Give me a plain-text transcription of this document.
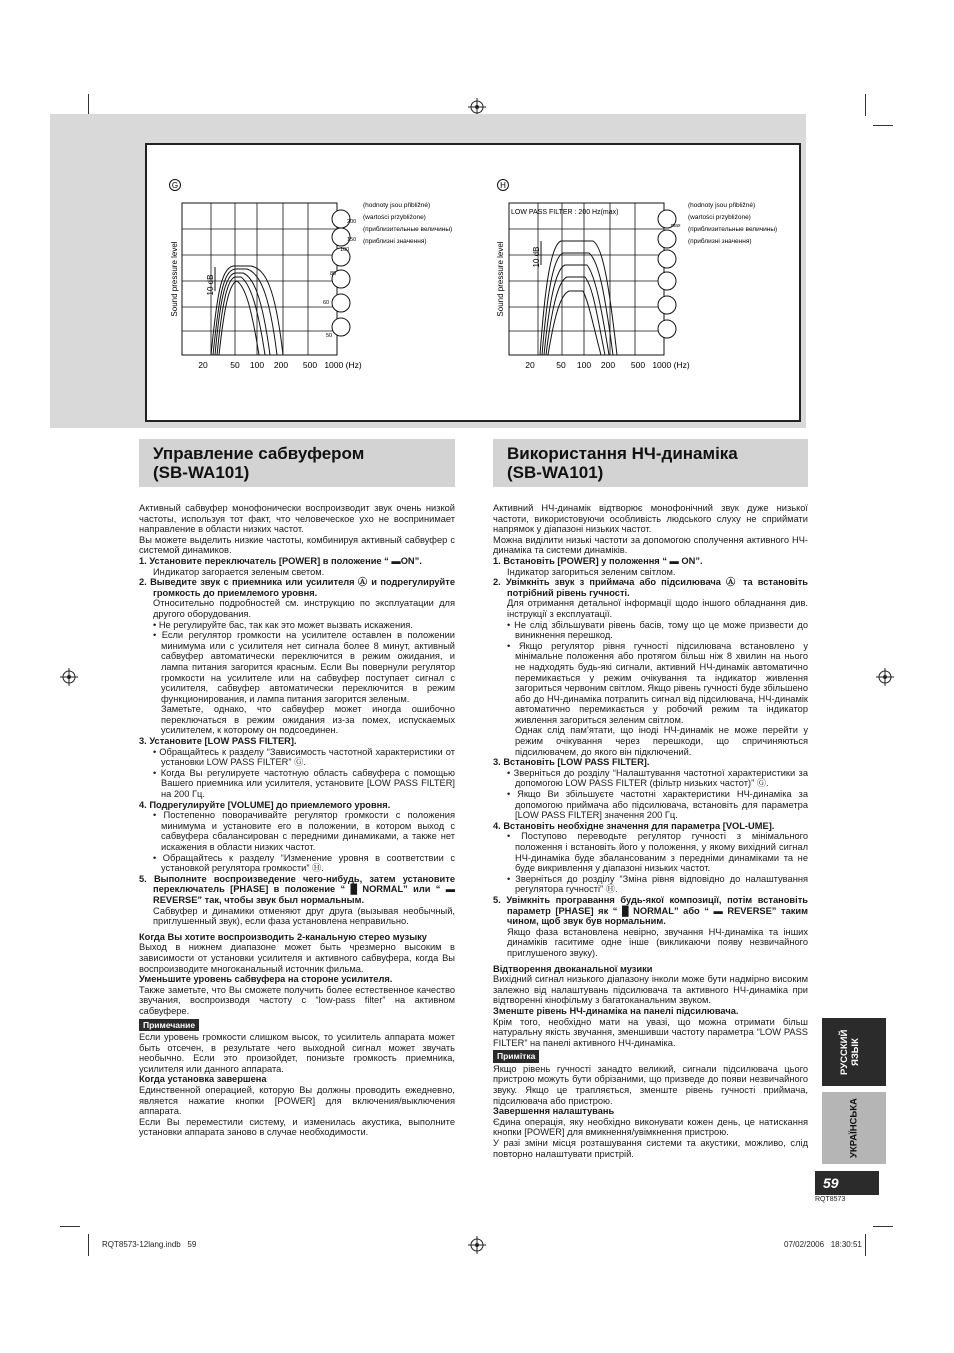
G
10 dB
Sound pressure level
20	50 100 200 500 1000 (Hz)
200
150
100
80
60
50
(hodnoty jsou přibližné)
(wartości przybliżone)
(приблизительные величины)
(приблизні значення)
H
LOW PASS FILTER : 200 Hz(max)
10 dB
Sound pressure level
20	50 100 200 500 1000 (Hz)
max
(hodnoty jsou přibližné)
(wartości przybliżone)
(приблизительные величины)
(приблизні значення)
Управление сабвуфером
(SB-WA101)
Використання НЧ-динаміка
(SB-WA101)

Активный сабвуфер монофонически воспроизводит звук очень низкой частоты, используя тот факт, что человеческое ухо не воспринимает направление в области низких частот.

Вы можете выделить низкие частоты, комбинируя активный сабвуфер с системой динамиков.

1. Установите переключатель [POWER] в положение “ ▬ON”.

Индикатор загорается зеленым светом.

2. Выведите звук с приемника или усилителя Ⓐ и подрегулируйте громкость до приемлемого уровня.

Относительно подробностей см. инструкцию по эксплуатации для другого оборудования.

• Не регулируйте бас, так как это может вызвать искажения.

• Если регулятор громкости на усилителе оставлен в положении минимума или с усилителя нет сигнала более 8 минут, активный сабвуфер автоматически переключится в режим ожидания, и лампа питания загорится красным. Если Вы повернули регулятор громкости на усилителе или на сабвуфер поступает сигнал с усилителя, сабвуфер автоматически переключится в режим функционирования, и лампа питания загорится зеленым.

Заметьте, однако, что сабвуфер может иногда ошибочно переключаться в режим ожидания из-за помех, испускаемых усилителем, к которому он подсоединен.

3. Установите [LOW PASS FILTER].

• Обращайтесь к разделу “Зависимость частотной характеристики от установки LOW PASS FILTER” Ⓖ.

• Когда Вы регулируете частотную область сабвуфера с помощью Вашего приемника или усилителя, установите [LOW PASS FILTER] на 200 Гц.

4. Подрегулируйте [VOLUME] до приемлемого уровня.

• Постепенно поворачивайте регулятор громкости с положения минимума и установите его в положении, в котором выход с сабвуфера сбалансирован с передними динамиками, а также нет искажения в области низких частот.

• Обращайтесь к разделу “Изменение уровня в соответствии с установкой регулятора громкости” Ⓗ.

5. Выполните воспроизведение чего-нибудь, затем установите переключатель [PHASE] в положение “ █ NORMAL” или “ ▬ REVERSE” так, чтобы звук был нормальным.

Сабвуфер и динамики отменяют друг друга (вызывая необычный, приглушенный звук), если фаза установлена неправильно.

Когда Вы хотите воспроизводить 2-канальную стерео музыку

Выход в нижнем диапазоне может быть чрезмерно высоким в зависимости от установки усилителя и активного сабвуфера, когда Вы воспроизводите многоканальный источник фильма.

Уменьшите уровень сабвуфера на стороне усилителя.

Также заметьте, что Вы сможете получить более естественное качество звучания, воспроизводя частоту с “low-pass filter” на активном сабвуфере.

Примечание

Если уровень громкости слишком высок, то усилитель аппарата может быть отсечен, в результате чего выходной сигнал может звучать необычно. Если это произойдет, понизьте громкость приемника, усилителя или данного аппарата.

Когда установка завершена

Единственной операцией, которую Вы должны проводить ежедневно, является нажатие кнопки [POWER] для включения/выключения аппарата.

Если Вы переместили систему, и изменилась акустика, выполните установки аппарата заново в случае необходимости.

Активний НЧ-динамік відтворює монофонічний звук дуже низької частоти, використовуючи особливість людського слуху не сприймати напрямок у діапазоні низьких частот.

Можна виділити низькі частоти за допомогою сполучення активного НЧ-динаміка та системи динаміків.

1. Встановіть [POWER] у положення “ ▬ ON”.

Індикатор загориться зеленим світлом.

2. Увімкніть звук з приймача або підсилювача Ⓐ та встановіть потрібний рівень гучності.

Для отримання детальної інформації щодо іншого обладнання див. інструкції з експлуатації.

• Не слід збільшувати рівень басів, тому що це може призвести до виникнення перешкод.

• Якщо регулятор рівня гучності підсилювача встановлено у мінімальне положення або протягом більш ніж 8 хвилин на нього не надходять будь-які сигнали, активний НЧ-динамік автоматично перемикається у режим очікування та індикатор живлення загориться червоним світлом. Якщо рівень гучності буде збільшено або до НЧ-динаміка потрапить сигнал від підсилювача, НЧ-динамік автоматично перемикається у робочий режим та індикатор живлення загориться зеленим світлом.

Однак слід пам’ятати, що іноді НЧ-динамік не може перейти у режим очікування через перешкоди, що спричиняються підсилювачем, до якого він підключений.

3. Встановіть [LOW PASS FILTER].

• Зверніться до розділу “Налаштування частотної характеристики за допомогою LOW PASS FILTER (фільтр низьких частот)” Ⓖ.

• Якщо Ви збільшуєте частотні характеристики НЧ-динаміка за допомогою приймача або підсилювача, встановіть для параметра [LOW PASS FILTER] значення 200 Гц.

4. Встановіть необхідне значення для параметра [VOL-UME].

• Поступово переводьте регулятор гучності з мінімального положення і встановіть його у положення, у якому вихідний сигнал НЧ-динаміка буде збалансованим з передніми динаміками та не буде викривлення у діапазоні низьких частот.

• Зверніться до розділу “Зміна рівня відповідно до налаштування регулятора гучності” Ⓗ.

5. Увімкніть програвання будь-якої композиції, потім встановіть параметр [PHASE] як “ █ NORMAL” або “ ▬ REVERSE” таким чином, щоб звук був нормальним.

Якщо фаза встановлена невірно, звучання НЧ-динаміка та інших динаміків гаситиме одне інше (викликаючи появу незвичайного приглушеного звуку).

Відтворення двоканальної музики

Вихідний сигнал низького діапазону інколи може бути надмірно високим залежно від налаштувань підсилювача та активного НЧ-динаміка при відтворенні кінофільму з багатоканальним звуком.

Зменште рівень НЧ-динаміка на панелі підсилювача.

Крім того, необхідно мати на увазі, що можна отримати більш натуральну якість звучання, зменшивши частоту параметра “LOW PASS FILTER” на панелі активного НЧ-динаміка.

Примітка

Якщо рівень гучності занадто великий, сигнали підсилювача цього пристрою можуть бути обрізаними, що призведе до появи незвичайного звуку. Якщо це трапляється, зменште рівень гучності приймача, підсилювача або пристрою.

Завершення налаштувань

Єдина операція, яку необхідно виконувати кожен день, це натискання кнопки [POWER] для вмикнення/увімкнення пристрою.

У разі зміни місця розташування системи та акустики, можливо, слід повторно налаштувати пристрій.

РУССКИЙ ЯЗЫК
УКРАЇНСЬКА
59
RQT8573
RQT8573-12lang.indb   59	07/02/2006   18:30:51
